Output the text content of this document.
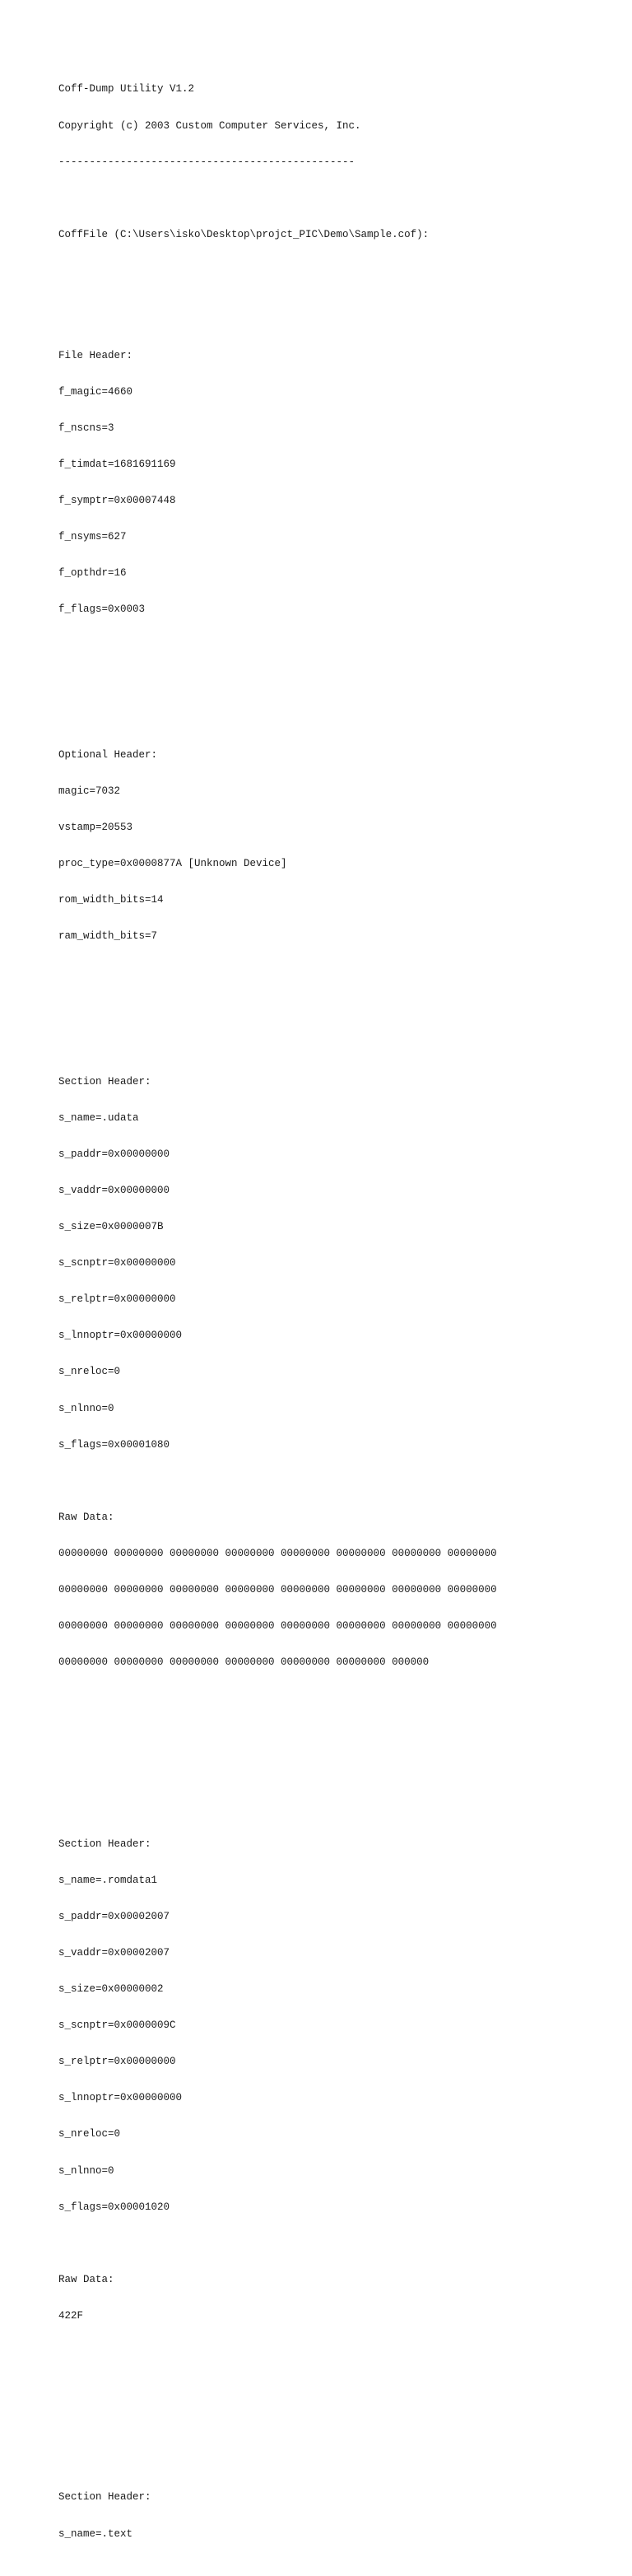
Coff-Dump Utility V1.2

Copyright (c) 2003 Custom Computer Services, Inc.

------------------------------------------------

CoffFile (C:\Users\isko\Desktop\projct_PIC\Demo\Sample.cof):

File Header:

f_magic=4660

f_nscns=3

f_timdat=1681691169

f_symptr=0x00007448

f_nsyms=627

f_opthdr=16

f_flags=0x0003

Optional Header:

magic=7032

vstamp=20553

proc_type=0x0000877A [Unknown Device]

rom_width_bits=14

ram_width_bits=7

Section Header:

s_name=.udata

s_paddr=0x00000000

s_vaddr=0x00000000

s_size=0x0000007B

s_scnptr=0x00000000

s_relptr=0x00000000

s_lnnoptr=0x00000000

s_nreloc=0

s_nlnno=0

s_flags=0x00001080

Raw Data:

00000000 00000000 00000000 00000000 00000000 00000000 00000000 00000000

00000000 00000000 00000000 00000000 00000000 00000000 00000000 00000000

00000000 00000000 00000000 00000000 00000000 00000000 00000000 00000000

00000000 00000000 00000000 00000000 00000000 00000000 000000

Section Header:

s_name=.romdata1

s_paddr=0x00002007

s_vaddr=0x00002007

s_size=0x00000002

s_scnptr=0x0000009C

s_relptr=0x00000000

s_lnnoptr=0x00000000

s_nreloc=0

s_nlnno=0

s_flags=0x00001020

Raw Data:

422F

Section Header:

s_name=.text
